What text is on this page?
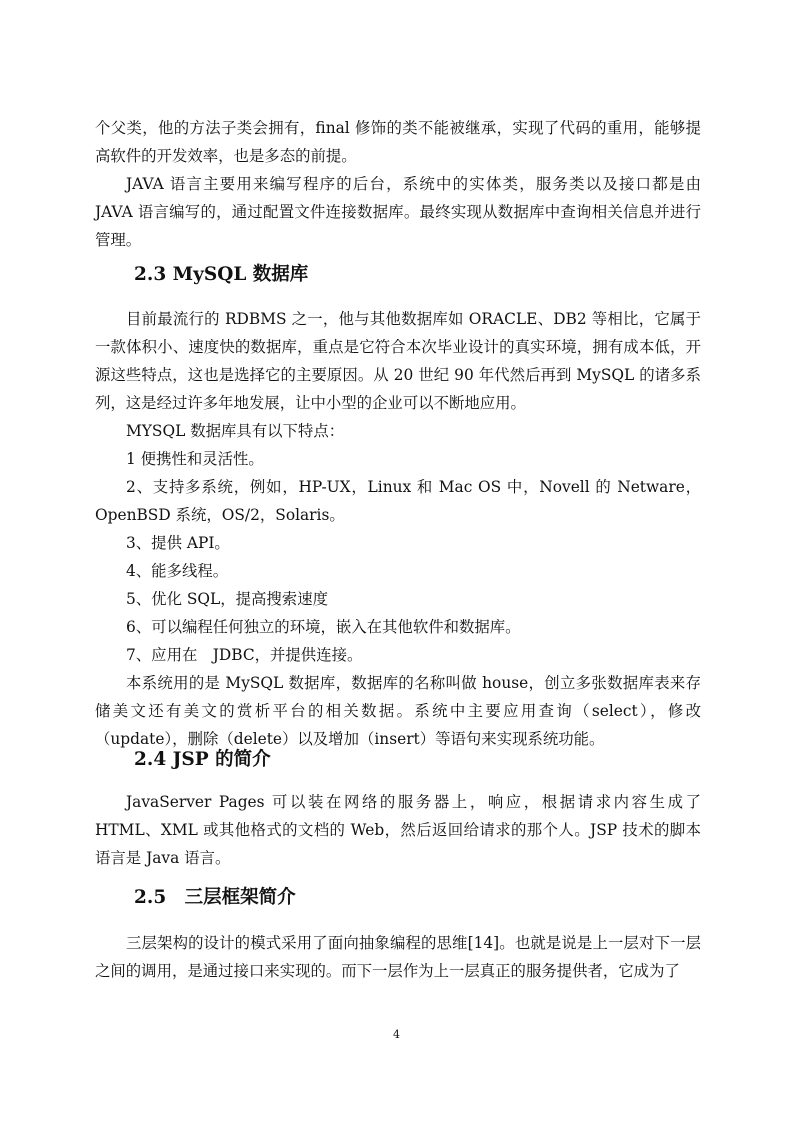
个父类，他的方法子类会拥有，final 修饰的类不能被继承，实现了代码的重用，能够提高软件的开发效率，也是多态的前提。

JAVA 语言主要用来编写程序的后台，系统中的实体类，服务类以及接口都是由 JAVA 语言编写的，通过配置文件连接数据库。最终实现从数据库中查询相关信息并进行管理。

2.3 MySQL 数据库

目前最流行的 RDBMS 之一，他与其他数据库如 ORACLE、DB2 等相比，它属于一款体积小、速度快的数据库，重点是它符合本次毕业设计的真实环境，拥有成本低，开源这些特点，这也是选择它的主要原因。从 20 世纪 90 年代然后再到 MySQL 的诸多系列，这是经过许多年地发展，让中小型的企业可以不断地应用。

MYSQL 数据库具有以下特点：

1 便携性和灵活性。
2、支持多系统，例如，HP-UX，Linux 和 Mac OS 中，Novell 的 Netware，OpenBSD 系统，OS/2，Solaris。
3、提供 API。
4、能多线程。
5、优化 SQL，提高搜索速度
6、可以编程任何独立的环境，嵌入在其他软件和数据库。
7、应用在　JDBC，并提供连接。

本系统用的是 MySQL 数据库，数据库的名称叫做 house，创立多张数据库表来存储美文还有美文的赏析平台的相关数据。系统中主要应用查询（select），修改（update），删除（delete）以及增加（insert）等语句来实现系统功能。

2.4 JSP 的简介

JavaServer Pages 可以装在网络的服务器上，响应，根据请求内容生成了 HTML、XML 或其他格式的文档的 Web，然后返回给请求的那个人。JSP 技术的脚本语言是 Java 语言。

2.5　三层框架简介

三层架构的设计的模式采用了面向抽象编程的思维[14]。也就是说是上一层对下一层之间的调用，是通过接口来实现的。而下一层作为上一层真正的服务提供者，它成为了

4
